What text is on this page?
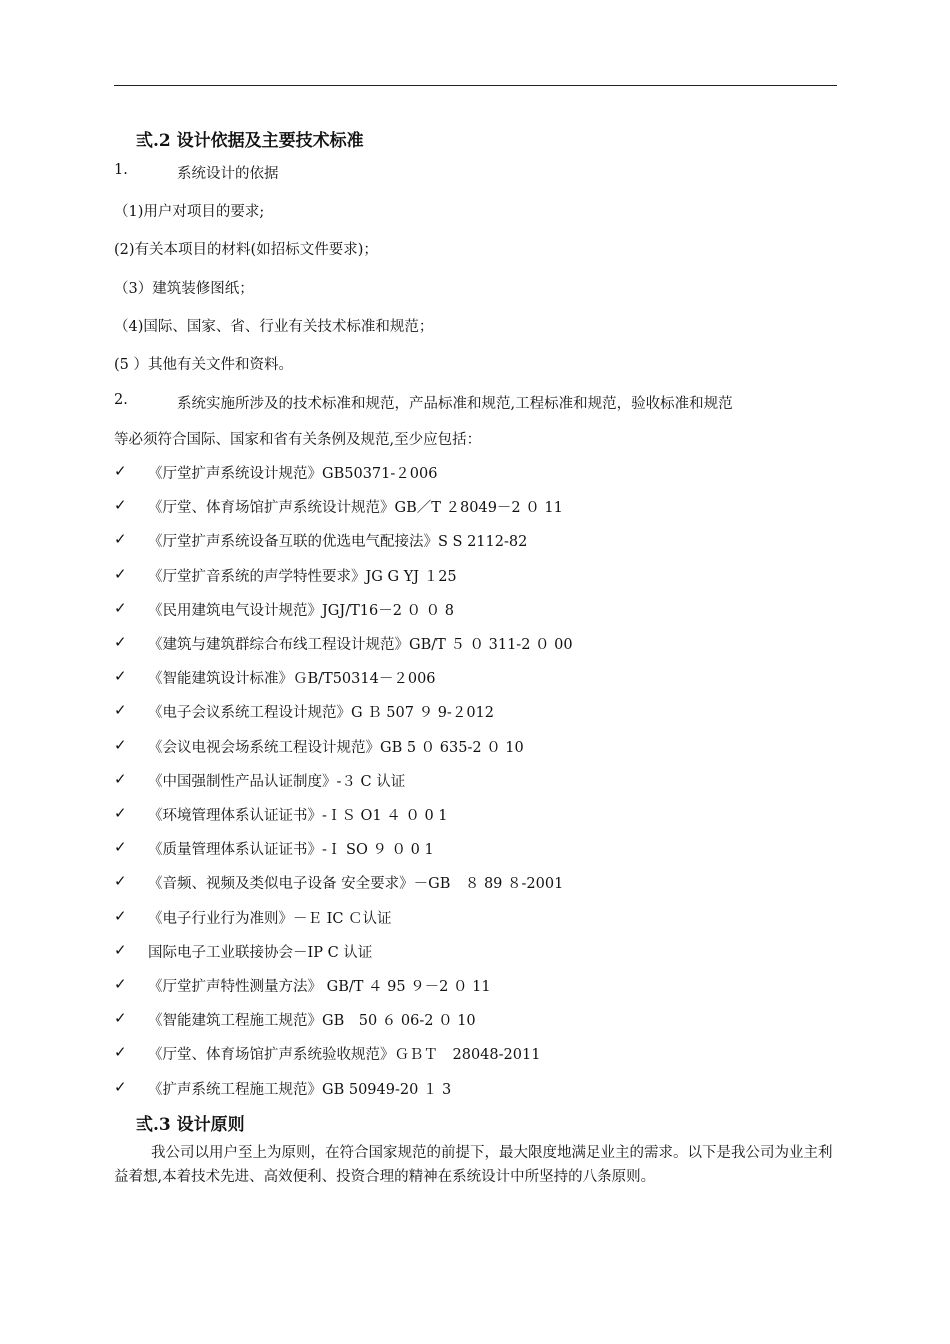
弎.2 设计依据及主要技术标准
1.	系统设计的依据
（1)用户对项目的要求;
(2)有关本项目的材料(如招标文件要求)；
（3）建筑装修图纸；
（4)国际、国家、省、行业有关技术标准和规范；
(5 ）其他有关文件和资料。
2.	系统实施所涉及的技术标准和规范，产品标准和规范,工程标准和规范，验收标准和规范
等必须符合国际、国家和省有关条例及规范,至少应包括：
✓ 《厅堂扩声系统设计规范》GB50371-２006
✓ 《厅堂、体育场馆扩声系统设计规范》GB／T ２8049－2 ０ 11
✓ 《厅堂扩声系统设备互联的优选电气配接法》S S 2112-82
✓ 《厅堂扩音系统的声学特性要求》JG G YJ １25
✓ 《民用建筑电气设计规范》JGJ/T16－2 ０ ０ 8
✓ 《建筑与建筑群综合布线工程设计规范》GB/T ５ ０ 311-2 ０ 00
✓ 《智能建筑设计标准》ＧB/T50314－２006
✓ 《电子会议系统工程设计规范》G Ｂ 507 ９ 9-２012
✓ 《会议电视会场系统工程设计规范》GB 5 ０ 635-2 ０ 10
✓ 《中国强制性产品认证制度》-３ C 认证
✓ 《环境管理体系认证证书》-ＩＳ O1 ４ ０ 0 1
✓ 《质量管理体系认证证书》-Ｉ SO ９ ０ 0 1
✓ 《音频、视频及类似电子设备 安全要求》－GB　８ 89 ８-2001
✓ 《电子行业行为准则》－Ｅ IC Ｃ认证
✓ 国际电子工业联接协会－IP C 认证
✓ 《厅堂扩声特性测量方法》 GB/T ４ 95 ９－2 ０ 11
✓ 《智能建筑工程施工规范》GB　50 ６ 06-2 ０ 10
✓ 《厅堂、体育场馆扩声系统验收规范》ＧＢＴ　28048-2011
✓ 《扩声系统工程施工规范》GB 50949-20 １ 3
弎.3 设计原则
我公司以用户至上为原则，在符合国家规范的前提下，最大限度地满足业主的需求。以下是我公司为业主利益着想,本着技术先进、高效便利、投资合理的精神在系统设计中所坚持的八条原则。
